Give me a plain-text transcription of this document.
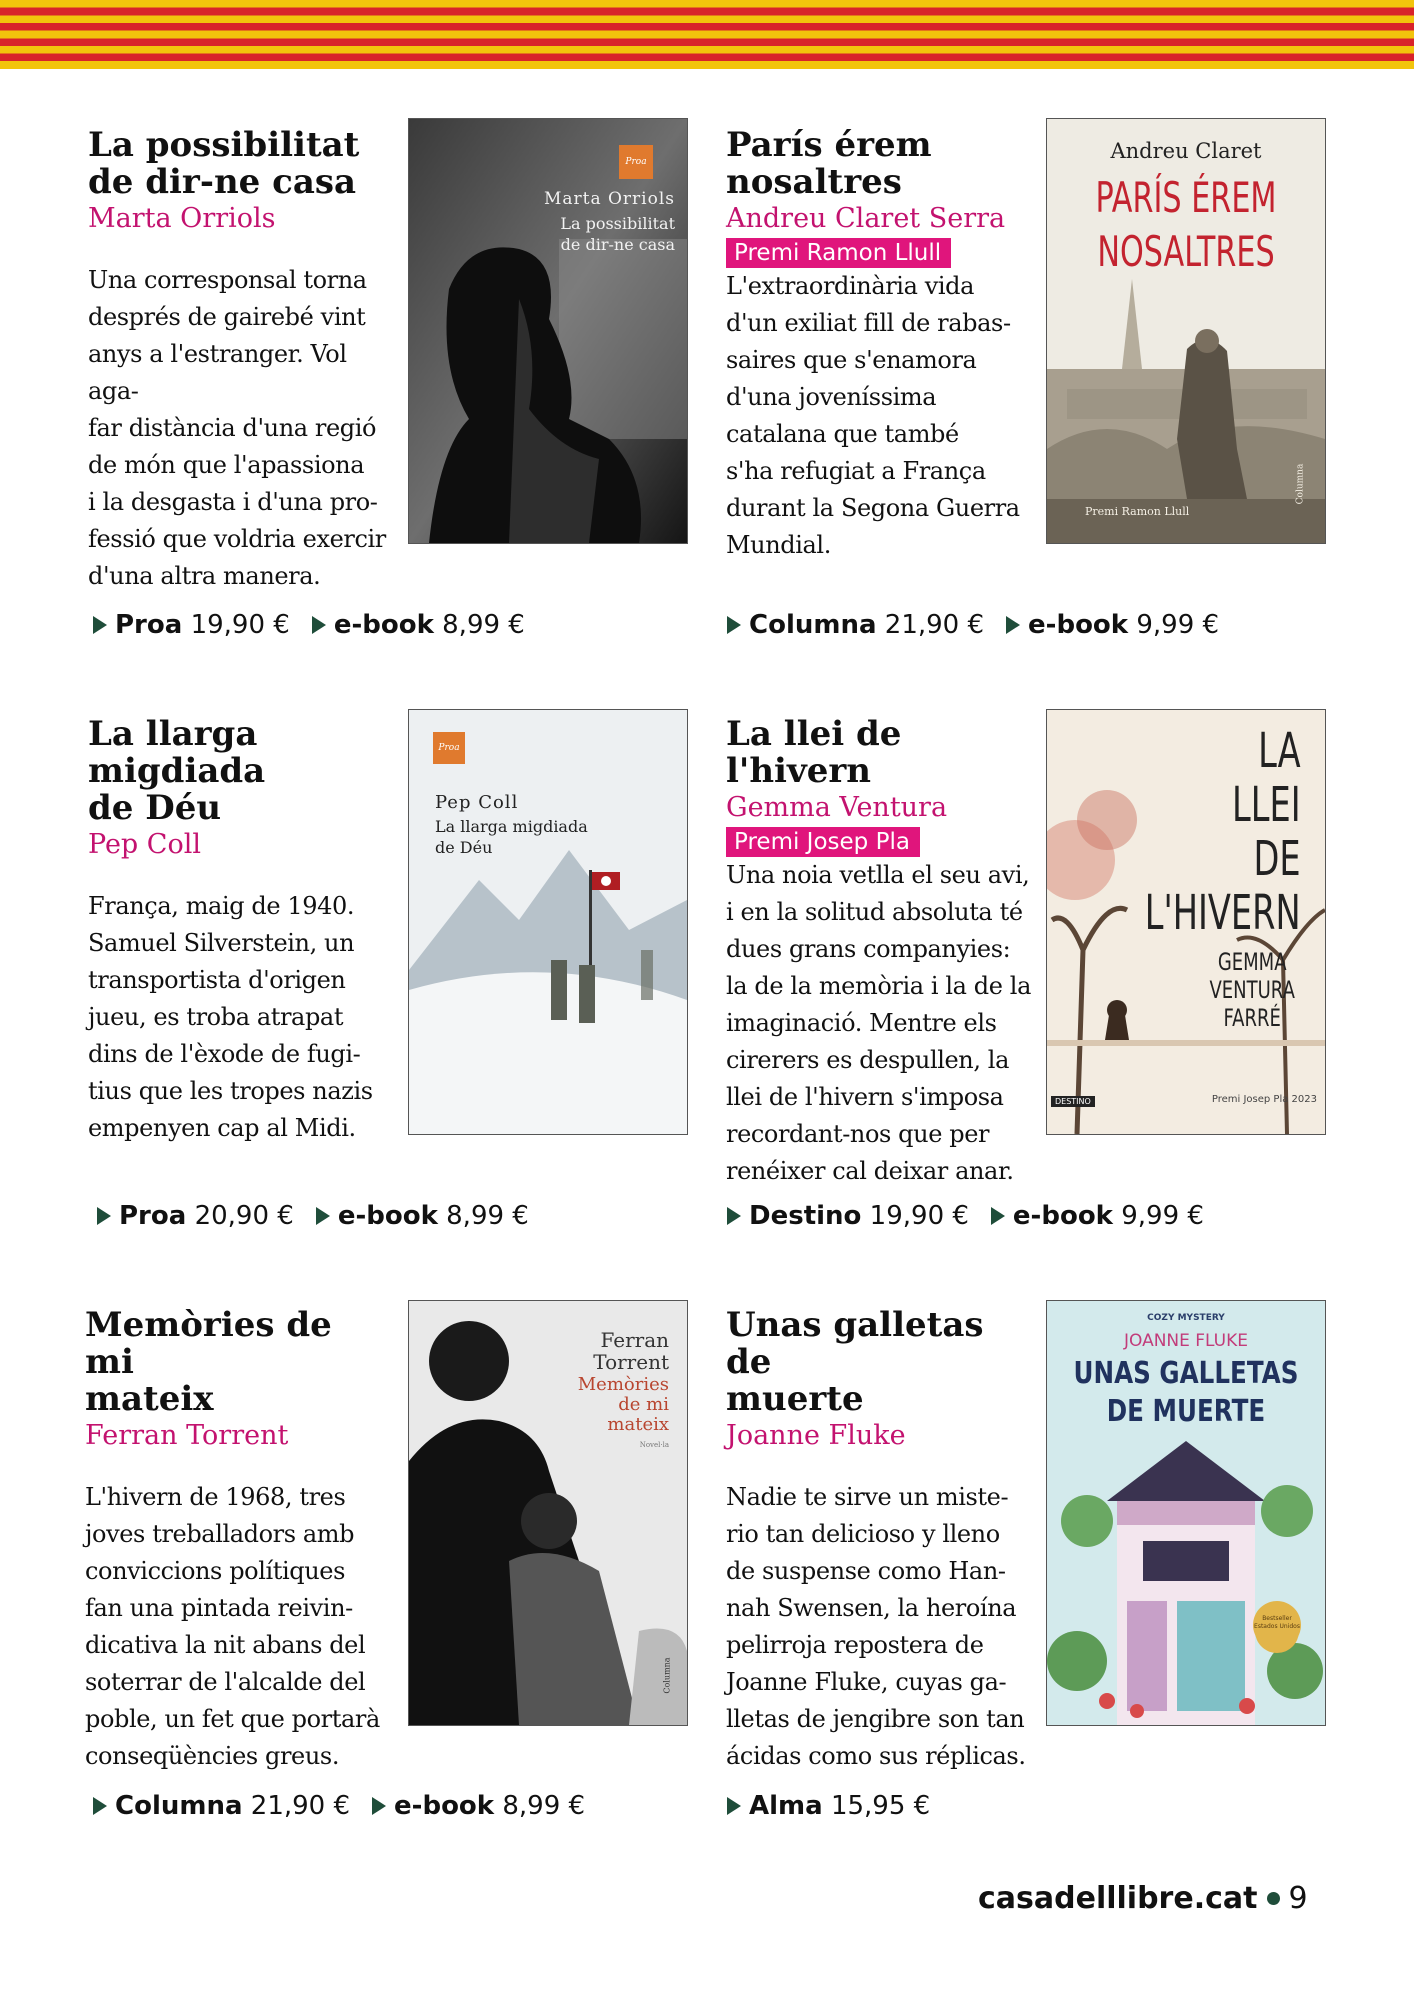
La possibilitat
de dir-ne casa
Marta Orriols
Una corresponsal torna
després de gairebé vint
anys a l'estranger. Vol aga-
far distància d'una regió
de món que l'apassiona
i la desgasta i d'una pro-
fessió que voldria exercir
d'una altra manera.
Proa 19,90 € e-book 8,99 €
Proa
Marta Orriols
La possibilitat
de dir-ne casa
París érem
nosaltres
Andreu Claret Serra
Premi Ramon Llull
L'extraordinària vida
d'un exiliat fill de rabas-
saires que s'enamora
d'una joveníssima
catalana que també
s'ha refugiat a França
durant la Segona Guerra
Mundial.
Columna 21,90 € e-book 9,99 €
Andreu Claret
PARÍS ÉREM
NOSALTRES
Premi Ramon Llull
Columna
La llarga
migdiada
de Déu
Pep Coll
França, maig de 1940.
Samuel Silverstein, un
transportista d'origen
jueu, es troba atrapat
dins de l'èxode de fugi-
tius que les tropes nazis
empenyen cap al Midi.
Proa 20,90 € e-book 8,99 €
Proa
Pep Coll
La llarga migdiada
de Déu
La llei de l'hivern
Gemma Ventura
Premi Josep Pla
Una noia vetlla el seu avi,
i en la solitud absoluta té
dues grans companyies:
la de la memòria i la de la
imaginació. Mentre els
cirerers es despullen, la
llei de l'hivern s'imposa
recordant-nos que per
renéixer cal deixar anar.
Destino 19,90 € e-book 9,99 €
LA
LLEI
DE
L'HIVERN
GEMMA
VENTURA
FARRÉ
DESTINO	Premi Josep Pla 2023
Memòries de mi
mateix
Ferran Torrent
L'hivern de 1968, tres
joves treballadors amb
conviccions polítiques
fan una pintada reivin-
dicativa la nit abans del
soterrar de l'alcalde del
poble, un fet que portarà
conseqüències greus.
Columna 21,90 € e-book 8,99 €
Ferran
Torrent
Memòries
de mi
mateix
Novel·la
Columna
Unas galletas de
muerte
Joanne Fluke
Nadie te sirve un miste-
rio tan delicioso y lleno
de suspense como Han-
nah Swensen, la heroína
pelirroja repostera de
Joanne Fluke, cuyas ga-
lletas de jengibre son tan
ácidas como sus réplicas.
Alma 15,95 €
COZY MYSTERY
JOANNE FLUKE
UNAS GALLETAS
DE MUERTE
Bestseller Estados Unidos
casadelllibre.cat 9
